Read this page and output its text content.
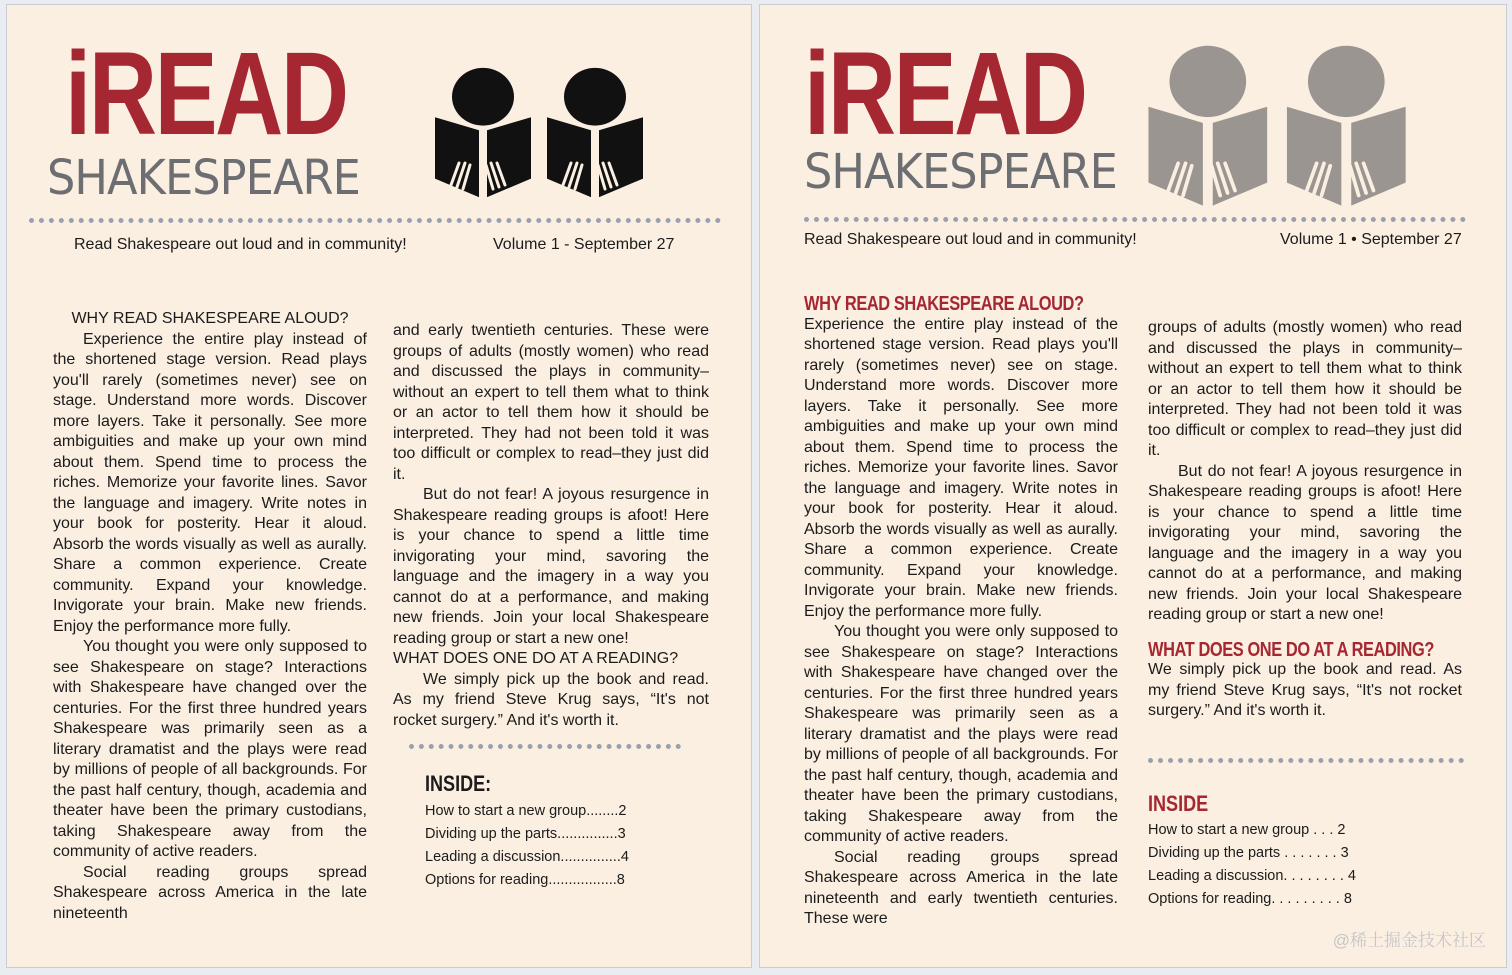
iREAD
SHAKESPEARE
Read Shakespeare out loud and in community!	Volume 1 - September 27

WHY READ SHAKESPEARE ALOUD?

Experience the entire play instead of the shortened stage version. Read plays you'll rarely (sometimes never) see on stage. Understand more words. Discover more layers. Take it personally. See more ambiguities and make up your own mind about them. Spend time to process the riches. Memorize your favorite lines. Savor the language and imagery. Write notes in your book for posterity. Hear it aloud. Absorb the words visually as well as aurally. Share a common experience. Create community. Expand your knowledge. Invigorate your brain. Make new friends. Enjoy the performance more fully.

You thought you were only supposed to see Shakespeare on stage? Interactions with Shakespeare have changed over the centuries. For the first three hundred years Shakespeare was primarily seen as a literary dramatist and the plays were read by millions of people of all backgrounds. For the past half century, though, academia and theater have been the primary custodians, taking Shakespeare away from the community of active readers.

Social reading groups spread Shakespeare across America in the late nineteenth

and early twentieth centuries. These were groups of adults (mostly women) who read and discussed the plays in community–without an expert to tell them what to think or an actor to tell them how it should be interpreted. They had not been told it was too difficult or complex to read–they just did it.

But do not fear! A joyous resurgence in Shakespeare reading groups is afoot! Here is your chance to spend a little time invigorating your mind, savoring the language and the imagery in a way you cannot do at a performance, and making new friends. Join your local Shakespeare reading group or start a new one!

WHAT DOES ONE DO AT A READING?

We simply pick up the book and read. As my friend Steve Krug says, “It's not rocket surgery.” And it's worth it.

INSIDE:
How to start a new group........2
Dividing up the parts...............3
Leading a discussion...............4
Options for reading.................8
iREAD
SHAKESPEARE
Read Shakespeare out loud and in community!	Volume 1 • September 27

WHY READ SHAKESPEARE ALOUD?

Experience the entire play instead of the shortened stage version. Read plays you'll rarely (sometimes never) see on stage. Understand more words. Discover more layers. Take it personally. See more ambiguities and make up your own mind about them. Spend time to process the riches. Memorize your favorite lines. Savor the language and imagery. Write notes in your book for posterity. Hear it aloud. Absorb the words visually as well as aurally. Share a common experience. Create community. Expand your knowledge. Invigorate your brain. Make new friends. Enjoy the performance more fully.

You thought you were only supposed to see Shakespeare on stage? Interactions with Shakespeare have changed over the centuries. For the first three hundred years Shakespeare was primarily seen as a literary dramatist and the plays were read by millions of people of all backgrounds. For the past half century, though, academia and theater have been the primary custodians, taking Shakespeare away from the community of active readers.

Social reading groups spread Shakespeare across America in the late nineteenth and early twentieth centuries. These were

groups of adults (mostly women) who read and discussed the plays in community–without an expert to tell them what to think or an actor to tell them how it should be interpreted. They had not been told it was too difficult or complex to read–they just did it.

But do not fear! A joyous resurgence in Shakespeare reading groups is afoot! Here is your chance to spend a little time invigorating your mind, savoring the language and the imagery in a way you cannot do at a performance, and making new friends. Join your local Shakespeare reading group or start a new one!

WHAT DOES ONE DO AT A READING?

We simply pick up the book and read. As my friend Steve Krug says, “It's not rocket surgery.” And it's worth it.

INSIDE
How to start a new group . . . 2
Dividing up the parts . . . . . . . 3
Leading a discussion. . . . . . . . 4
Options for reading. . . . . . . . . 8
@稀土掘金技术社区
